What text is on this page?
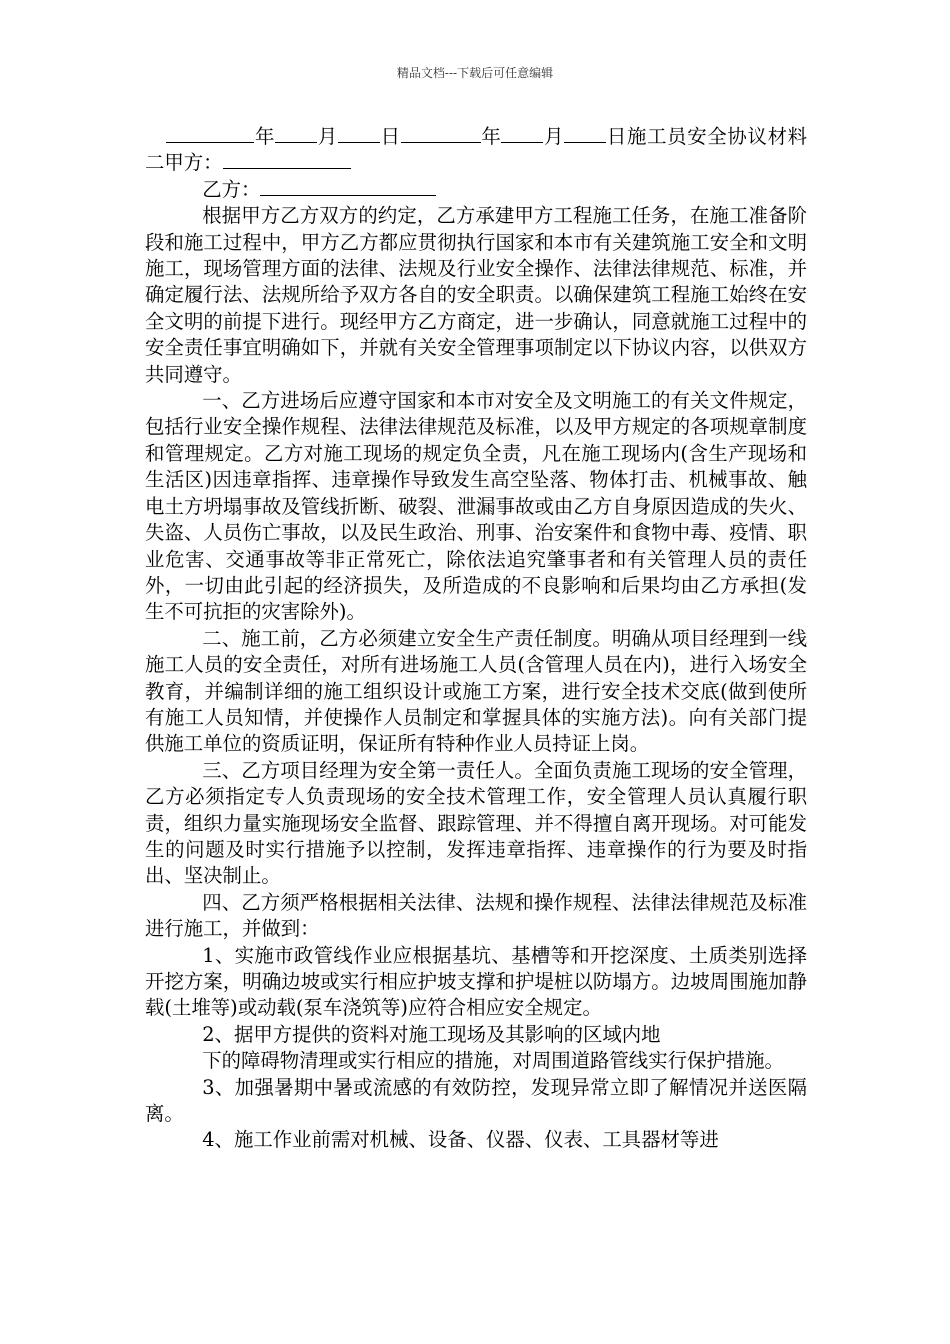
精品文档---下载后可任意编辑

年 月 日	年 月 日施工员安全协议材料二甲方：

乙方：

根据甲方乙方双方的约定，乙方承建甲方工程施工任务，在施工准备阶段和施工过程中，甲方乙方都应贯彻执行国家和本市有关建筑施工安全和文明施工，现场管理方面的法律、法规及行业安全操作、法律法律规范、标准，并确定履行法、法规所给予双方各自的安全职责。以确保建筑工程施工始终在安全文明的前提下进行。现经甲方乙方商定，进一步确认，同意就施工过程中的安全责任事宜明确如下，并就有关安全管理事项制定以下协议内容，以供双方共同遵守。

一、乙方进场后应遵守国家和本市对安全及文明施工的有关文件规定，包括行业安全操作规程、法律法律规范及标准，以及甲方规定的各项规章制度和管理规定。乙方对施工现场的规定负全责，凡在施工现场内(含生产现场和生活区)因违章指挥、违章操作导致发生高空坠落、物体打击、机械事故、触电土方坍塌事故及管线折断、破裂、泄漏事故或由乙方自身原因造成的失火、失盗、人员伤亡事故，以及民生政治、刑事、治安案件和食物中毒、疫情、职业危害、交通事故等非正常死亡，除依法追究肇事者和有关管理人员的责任外，一切由此引起的经济损失，及所造成的不良影响和后果均由乙方承担(发生不可抗拒的灾害除外)。

二、施工前，乙方必须建立安全生产责任制度。明确从项目经理到一线施工人员的安全责任，对所有进场施工人员(含管理人员在内)，进行入场安全教育，并编制详细的施工组织设计或施工方案，进行安全技术交底(做到使所有施工人员知情，并使操作人员制定和掌握具体的实施方法)。向有关部门提供施工单位的资质证明，保证所有特种作业人员持证上岗。

三、乙方项目经理为安全第一责任人。全面负责施工现场的安全管理，乙方必须指定专人负责现场的安全技术管理工作，安全管理人员认真履行职责，组织力量实施现场安全监督、跟踪管理、并不得擅自离开现场。对可能发生的问题及时实行措施予以控制，发挥违章指挥、违章操作的行为要及时指出、坚决制止。

四、乙方须严格根据相关法律、法规和操作规程、法律法律规范及标准进行施工，并做到：

1、实施市政管线作业应根据基坑、基槽等和开挖深度、土质类别选择开挖方案，明确边坡或实行相应护坡支撑和护堤桩以防塌方。边坡周围施加静载(土堆等)或动载(泵车浇筑等)应符合相应安全规定。

2、据甲方提供的资料对施工现场及其影响的区域内地

下的障碍物清理或实行相应的措施，对周围道路管线实行保护措施。

3、加强暑期中暑或流感的有效防控，发现异常立即了解情况并送医隔离。

4、施工作业前需对机械、设备、仪器、仪表、工具器材等进
